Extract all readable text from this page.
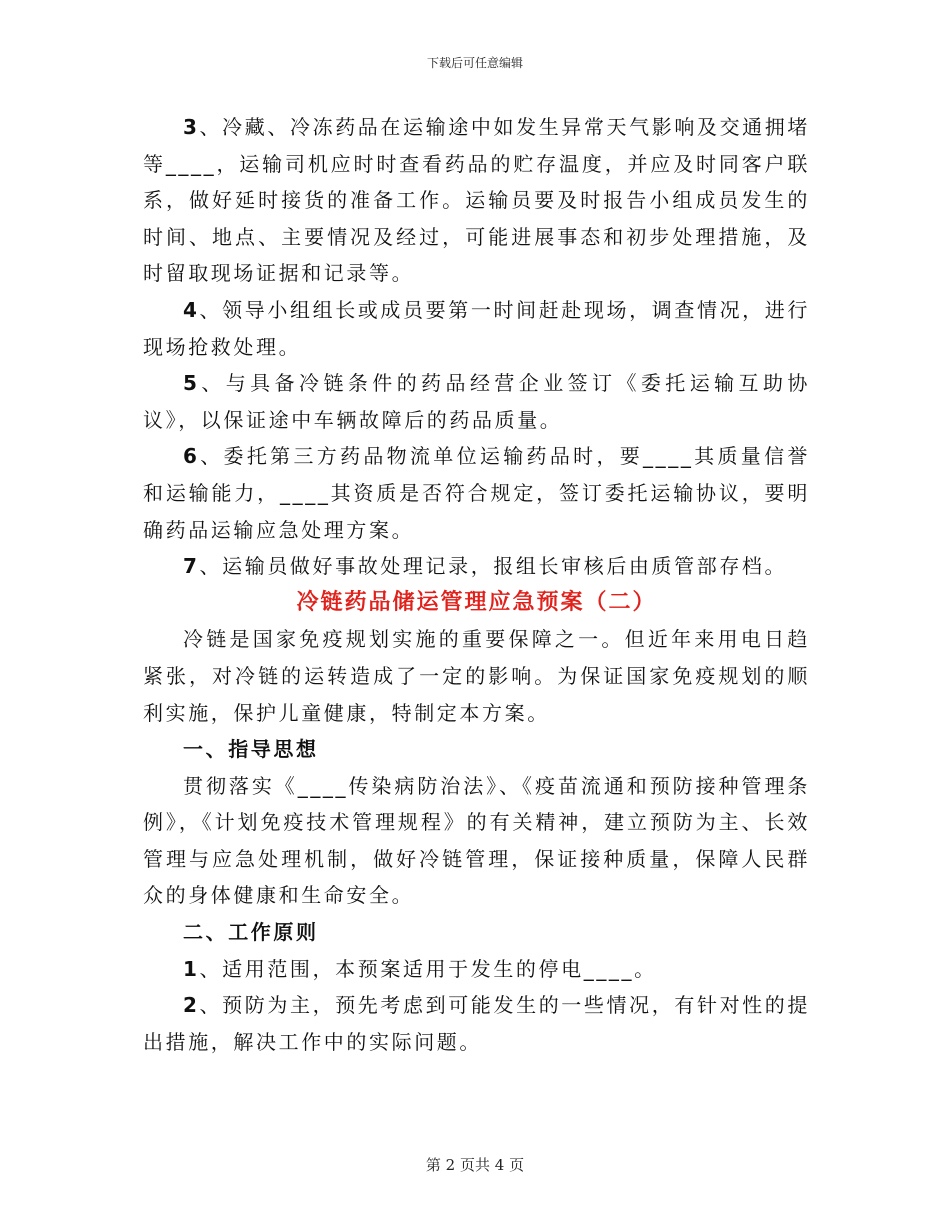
下载后可任意编辑

3、冷藏、冷冻药品在运输途中如发生异常天气影响及交通拥堵等____，运输司机应时时查看药品的贮存温度，并应及时同客户联系，做好延时接货的准备工作。运输员要及时报告小组成员发生的时间、地点、主要情况及经过，可能进展事态和初步处理措施，及时留取现场证据和记录等。

4、领导小组组长或成员要第一时间赶赴现场，调查情况，进行现场抢救处理。

5、与具备冷链条件的药品经营企业签订《委托运输互助协议》，以保证途中车辆故障后的药品质量。

6、委托第三方药品物流单位运输药品时，要____其质量信誉和运输能力，____其资质是否符合规定，签订委托运输协议，要明确药品运输应急处理方案。

7、运输员做好事故处理记录，报组长审核后由质管部存档。

冷链药品储运管理应急预案（二）

冷链是国家免疫规划实施的重要保障之一。但近年来用电日趋紧张，对冷链的运转造成了一定的影响。为保证国家免疫规划的顺利实施，保护儿童健康，特制定本方案。

一、指导思想

贯彻落实《____传染病防治法》、《疫苗流通和预防接种管理条例》，《计划免疫技术管理规程》的有关精神，建立预防为主、长效管理与应急处理机制，做好冷链管理，保证接种质量，保障人民群众的身体健康和生命安全。

二、工作原则

1、适用范围，本预案适用于发生的停电____。

2、预防为主，预先考虑到可能发生的一些情况，有针对性的提出措施，解决工作中的实际问题。

第 2 页共 4 页
